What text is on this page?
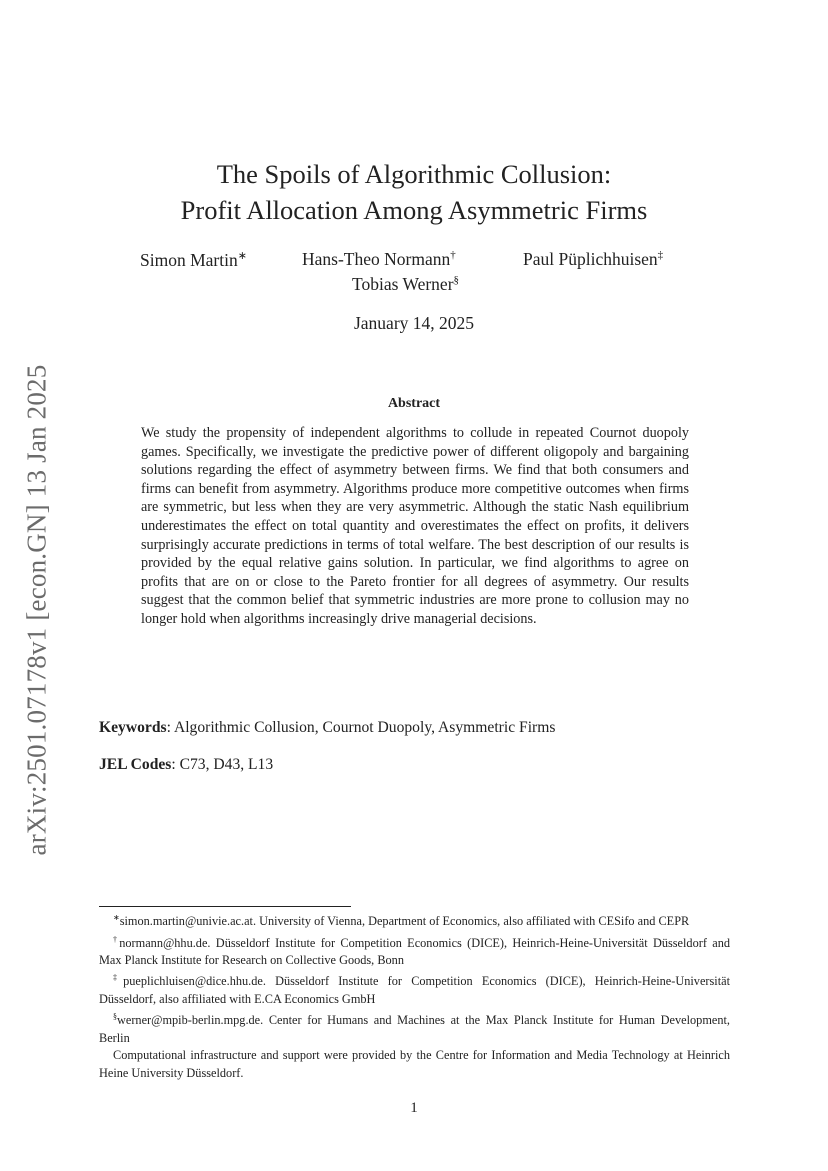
arXiv:2501.07178v1 [econ.GN] 13 Jan 2025
The Spoils of Algorithmic Collusion:
Profit Allocation Among Asymmetric Firms
Simon Martin∗	Hans-Theo Normann†	Paul Püplichhuisen‡
Tobias Werner§
January 14, 2025
Abstract
We study the propensity of independent algorithms to collude in repeated Cournot duopoly games. Specifically, we investigate the predictive power of different oligopoly and bargaining solutions regarding the effect of asymmetry between firms. We find that both consumers and firms can benefit from asymmetry. Algorithms produce more competitive outcomes when firms are symmetric, but less when they are very asymmetric. Although the static Nash equilibrium underestimates the effect on total quantity and overestimates the effect on profits, it delivers surprisingly accurate predictions in terms of total welfare. The best description of our results is provided by the equal relative gains solution. In particular, we find algorithms to agree on profits that are on or close to the Pareto frontier for all degrees of asymmetry. Our results suggest that the common belief that symmetric industries are more prone to collusion may no longer hold when algorithms increasingly drive managerial decisions.
Keywords: Algorithmic Collusion, Cournot Duopoly, Asymmetric Firms
JEL Codes: C73, D43, L13

∗simon.martin@univie.ac.at. University of Vienna, Department of Economics, also affiliated with CESifo and CEPR

†normann@hhu.de. Düsseldorf Institute for Competition Economics (DICE), Heinrich-Heine-Universität Düsseldorf and Max Planck Institute for Research on Collective Goods, Bonn

‡pueplichluisen@dice.hhu.de. Düsseldorf Institute for Competition Economics (DICE), Heinrich-Heine-Universität Düsseldorf, also affiliated with E.CA Economics GmbH

§werner@mpib-berlin.mpg.de. Center for Humans and Machines at the Max Planck Institute for Human Development, Berlin

Computational infrastructure and support were provided by the Centre for Information and Media Technology at Heinrich Heine University Düsseldorf.

1
